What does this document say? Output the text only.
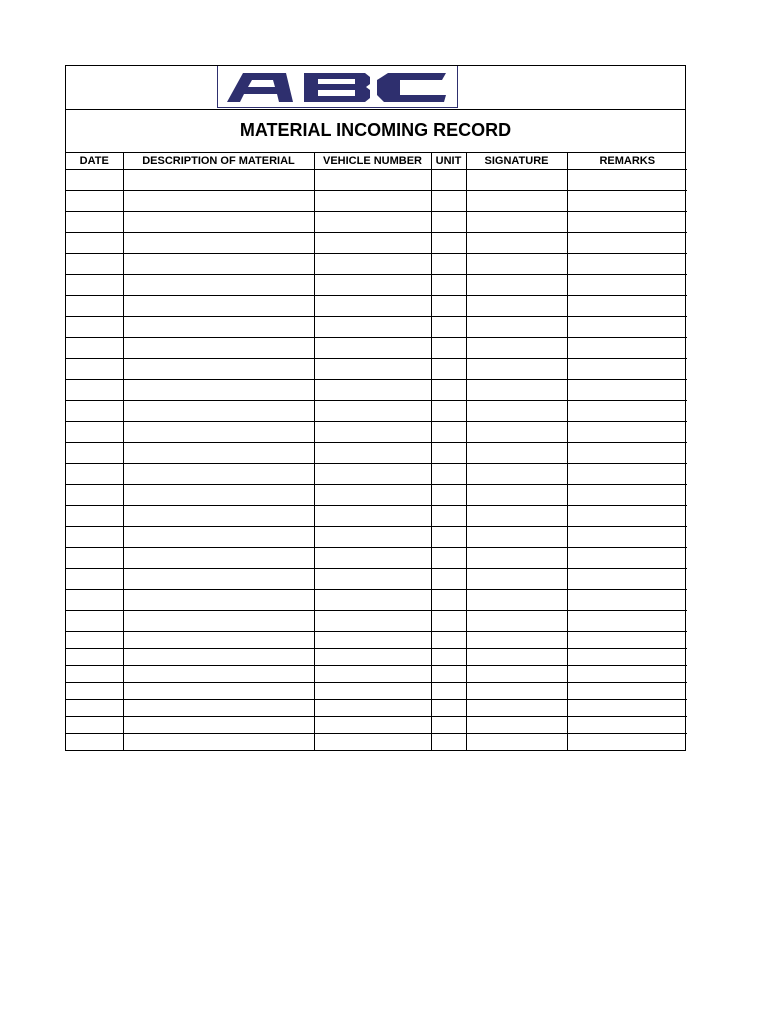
MATERIAL INCOMING RECORD
DATE	DESCRIPTION OF MATERIAL	VEHICLE NUMBER	UNIT	SIGNATURE	REMARKS
